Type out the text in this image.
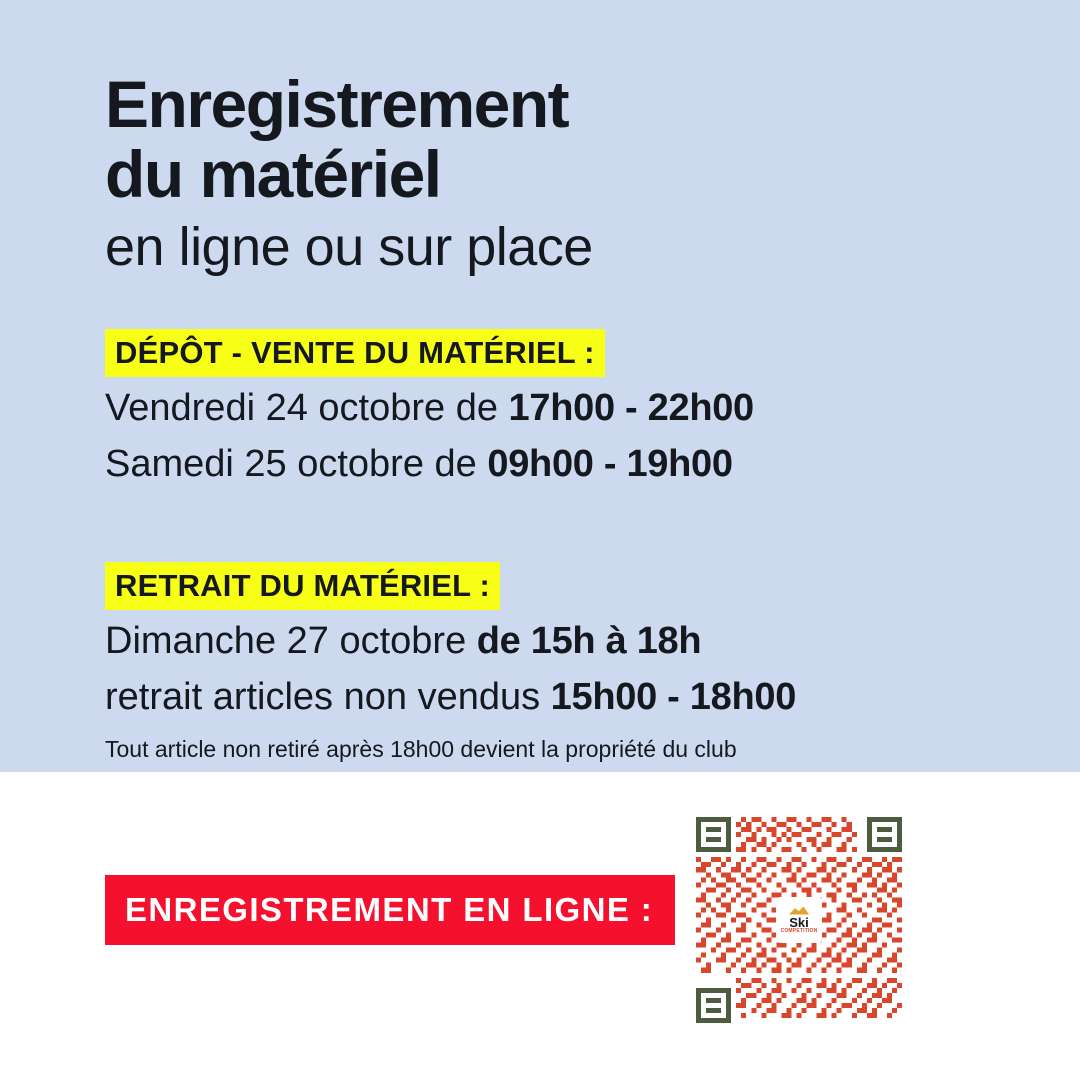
Enregistrement
du matériel
en ligne ou sur place
DÉPÔT - VENTE DU MATÉRIEL :
Vendredi 24 octobre de 17h00 - 22h00
Samedi 25 octobre de 09h00 - 19h00
RETRAIT DU MATÉRIEL :
Dimanche 27 octobre de 15h à 18h
retrait articles non vendus 15h00 - 18h00
Tout article non retiré après 18h00 devient la propriété du club
ENREGISTREMENT EN LIGNE :	Ski
COMPETITION
